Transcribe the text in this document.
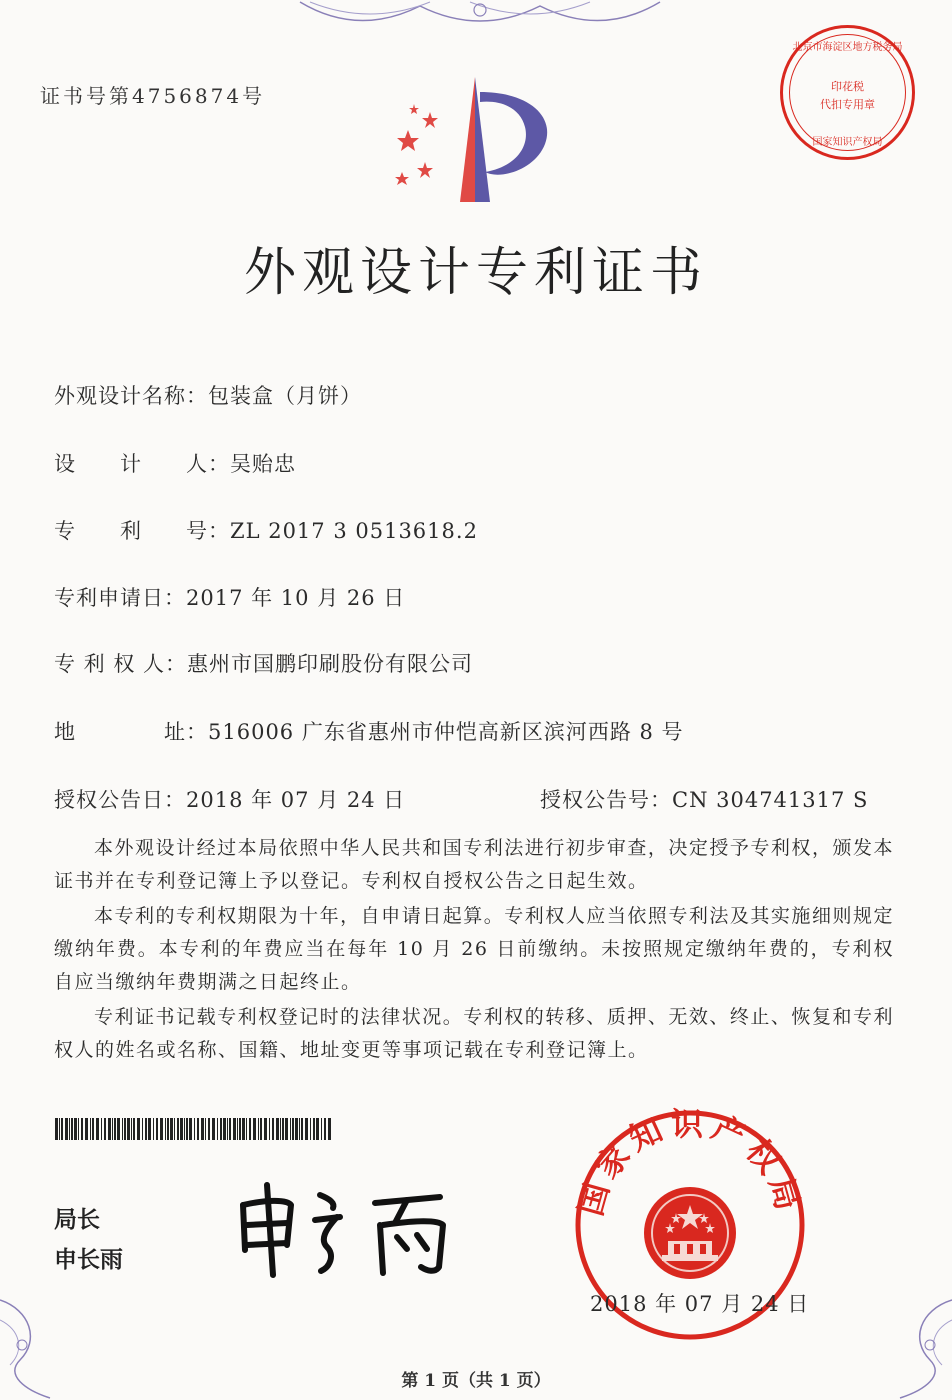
证书号第4756874号
外观设计专利证书
外观设计名称：包装盒（月饼）
设　　计　　人：吴贻忠
专　　利　　号：ZL 2017 3 0513618.2
专利申请日：2017 年 10 月 26 日
专 利 权 人：惠州市国鹏印刷股份有限公司
地　　　　址：516006 广东省惠州市仲恺高新区滨河西路 8 号
授权公告日：2018 年 07 月 24 日	授权公告号：CN 304741317 S
本外观设计经过本局依照中华人民共和国专利法进行初步审查，决定授予专利权，颁发本证书并在专利登记簿上予以登记。专利权自授权公告之日起生效。
本专利的专利权期限为十年，自申请日起算。专利权人应当依照专利法及其实施细则规定缴纳年费。本专利的年费应当在每年 10 月 26 日前缴纳。未按照规定缴纳年费的，专利权自应当缴纳年费期满之日起终止。
专利证书记载专利权登记时的法律状况。专利权的转移、质押、无效、终止、恢复和专利权人的姓名或名称、国籍、地址变更等事项记载在专利登记簿上。
局长
申长雨
北京市海淀区地方税务局
印花税
代扣专用章
国家知识产权局
国家知识产权局
2018 年 07 月 24 日
第 1 页（共 1 页）
